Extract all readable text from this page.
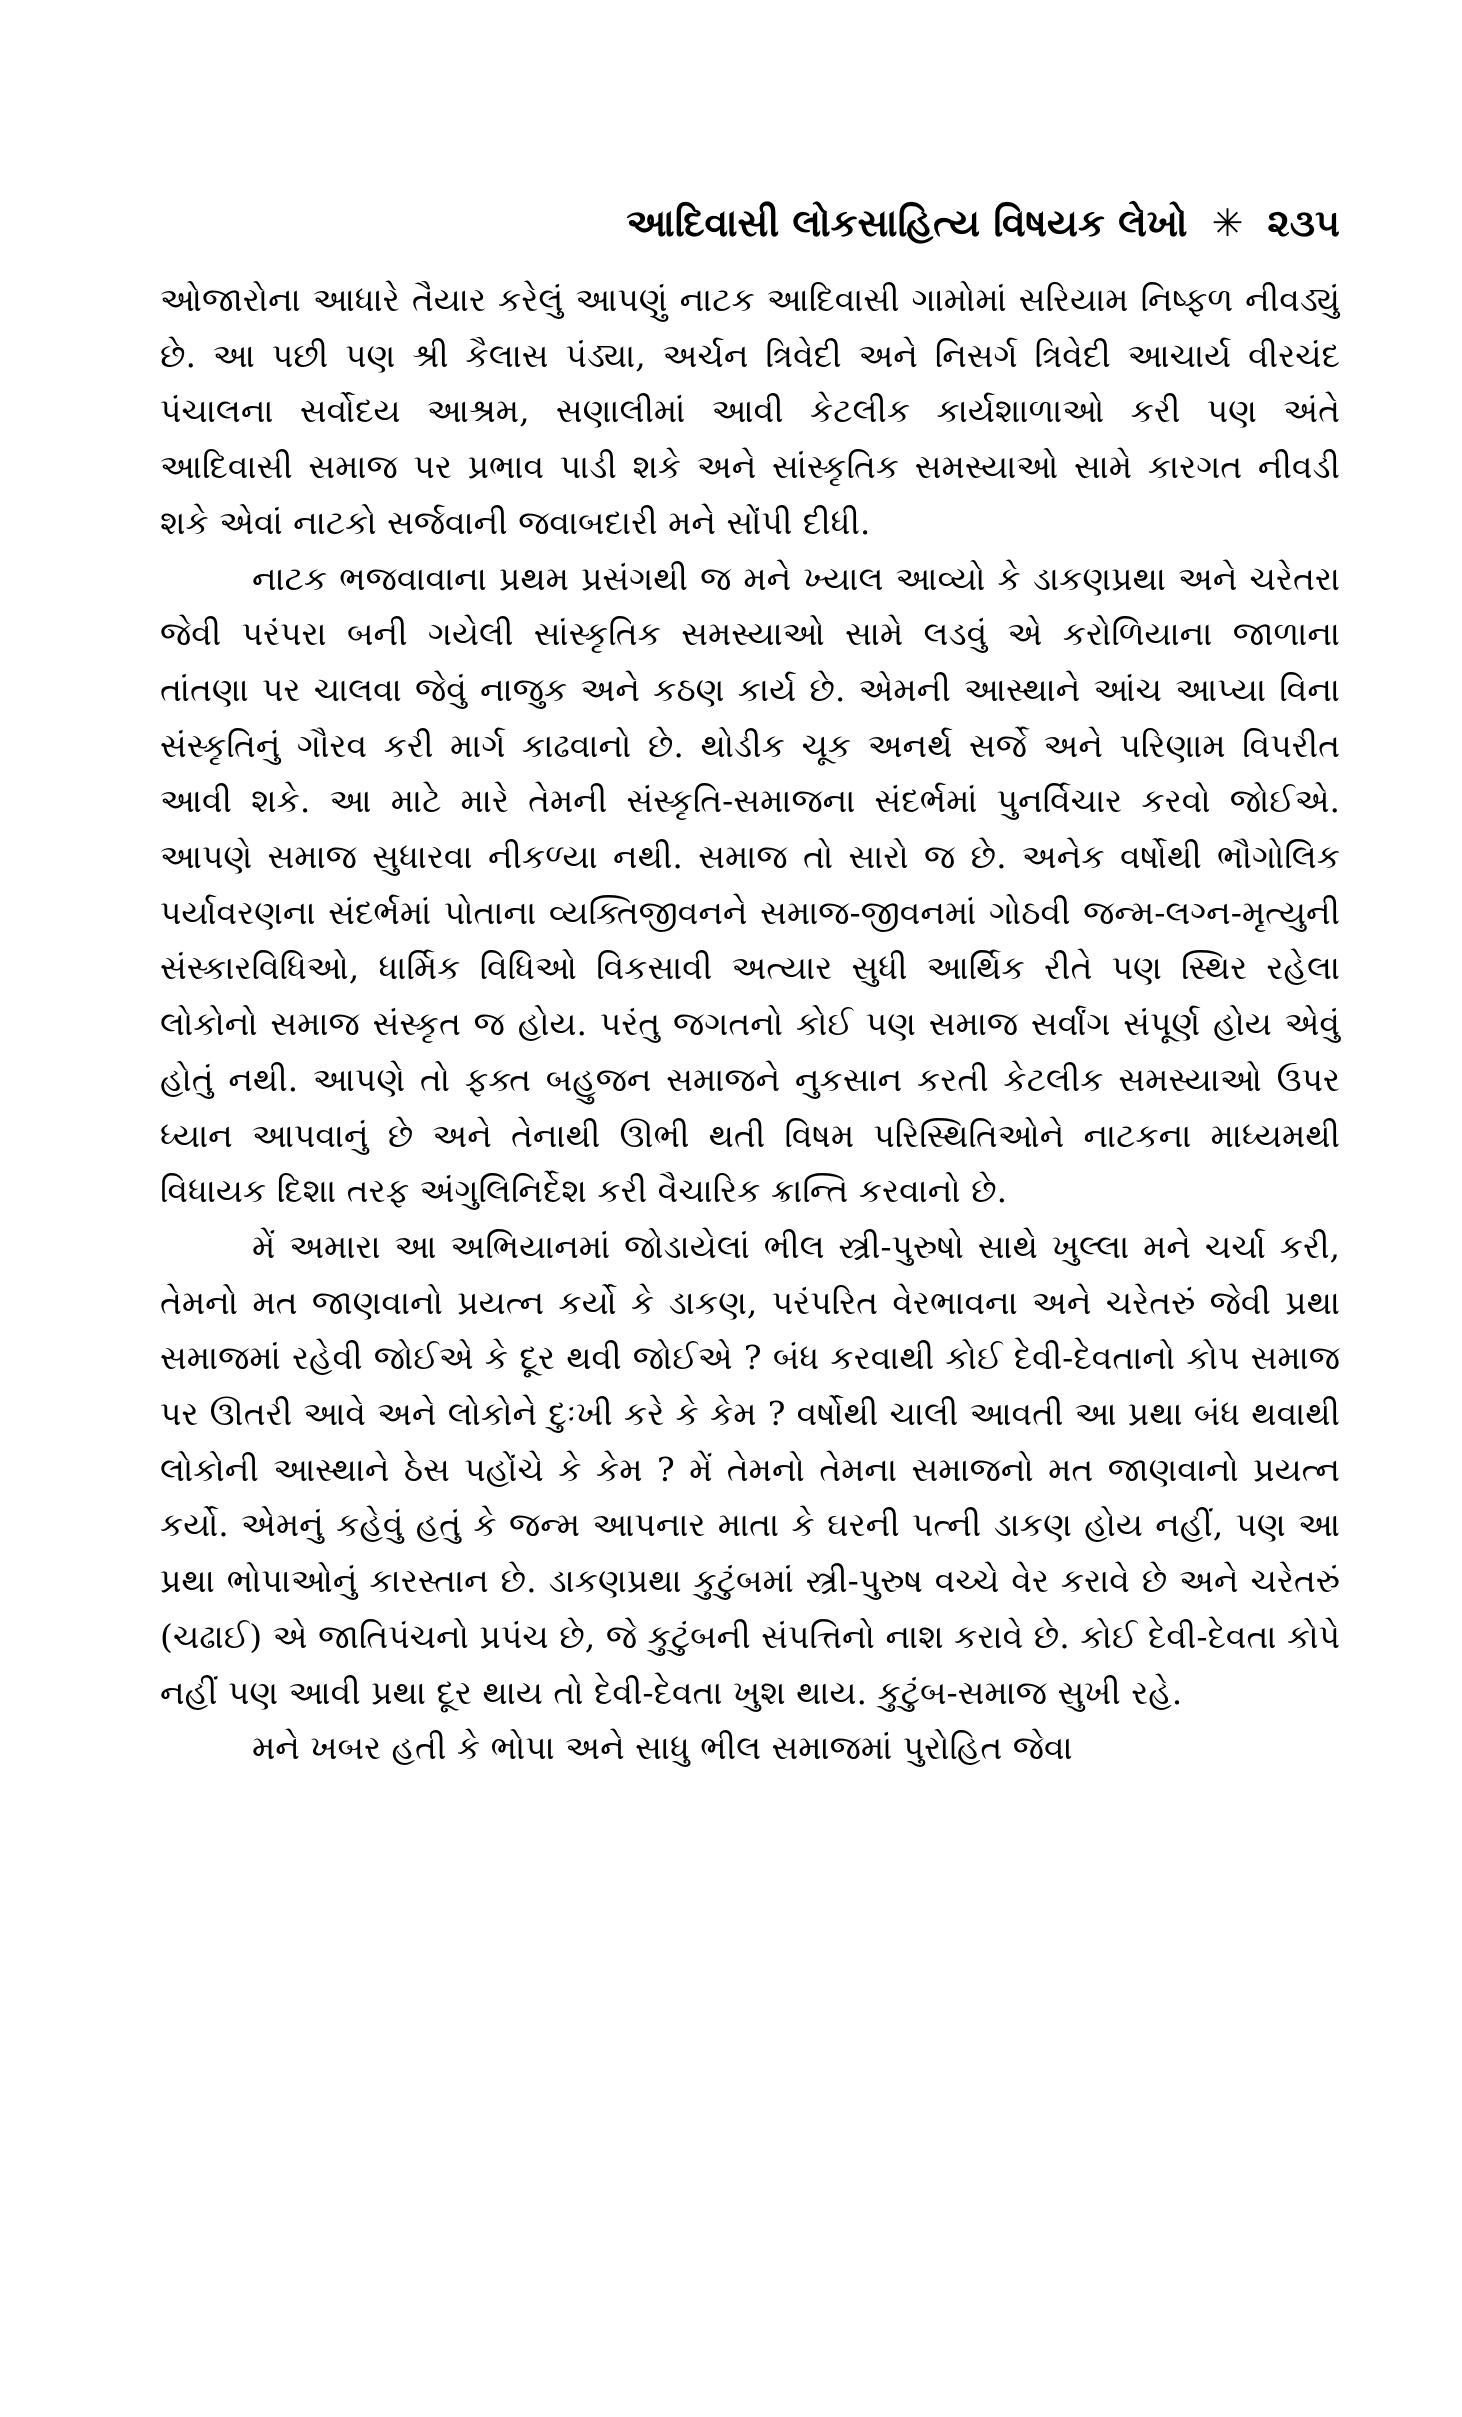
આદિવાસી લોકસાહિત્ય વિષયક લેખો ✳ ૨૩૫

ઓજારોના આધારે તૈયાર કરેલું આપણું નાટક આદિવાસી ગામોમાં સરિયામ નિષ્ફળ નીવડ્યું છે. આ પછી પણ શ્રી કૈલાસ પંડ્યા, અર્ચન ત્રિવેદી અને નિસર્ગ ત્રિવેદી આચાર્ય વીરચંદ પંચાલના સર્વોદય આશ્રમ, સણાલીમાં આવી કેટલીક કાર્યશાળાઓ કરી પણ અંતે આદિવાસી સમાજ પર પ્રભાવ પાડી શકે અને સાંસ્કૃતિક સમસ્યાઓ સામે કારગત નીવડી શકે એવાં નાટકો સર્જવાની જવાબદારી મને સોંપી દીધી.

નાટક ભજવાવાના પ્રથમ પ્રસંગથી જ મને ખ્યાલ આવ્યો કે ડાકણપ્રથા અને ચરેતરા જેવી પરંપરા બની ગયેલી સાંસ્કૃતિક સમસ્યાઓ સામે લડવું એ કરોળિયાના જાળાના તાંતણા પર ચાલવા જેવું નાજુક અને કઠણ કાર્ય છે. એમની આસ્થાને આંચ આપ્યા વિના સંસ્કૃતિનું ગૌરવ કરી માર્ગ કાઢવાનો છે. થોડીક ચૂક અનર્થ સર્જે અને પરિણામ વિપરીત આવી શકે. આ માટે મારે તેમની સંસ્કૃતિ-સમાજના સંદર્ભમાં પુનર્વિચાર કરવો જોઈએ. આપણે સમાજ સુધારવા નીકળ્યા નથી. સમાજ તો સારો જ છે. અનેક વર્ષોથી ભૌગોલિક પર્યાવરણના સંદર્ભમાં પોતાના વ્યક્તિજીવનને સમાજ-જીવનમાં ગોઠવી જન્મ-લગ્ન-મૃત્યુની સંસ્કારવિધિઓ, ધાર્મિક વિધિઓ વિકસાવી અત્યાર સુધી આર્થિક રીતે પણ સ્થિર રહેલા લોકોનો સમાજ સંસ્કૃત જ હોય. પરંતુ જગતનો કોઈ પણ સમાજ સર્વાંગ સંપૂર્ણ હોય એવું હોતું નથી. આપણે તો ફક્ત બહુજન સમાજને નુકસાન કરતી કેટલીક સમસ્યાઓ ઉપર ધ્યાન આપવાનું છે અને તેનાથી ઊભી થતી વિષમ પરિસ્થિતિઓને નાટકના માધ્યમથી વિધાયક દિશા તરફ અંગુલિનિર્દેશ કરી વૈચારિક ક્રાન્તિ કરવાનો છે.

મેં અમારા આ અભિયાનમાં જોડાયેલાં ભીલ સ્ત્રી-પુરુષો સાથે ખુલ્લા મને ચર્ચા કરી, તેમનો મત જાણવાનો પ્રયત્ન કર્યો કે ડાકણ, પરંપરિત વેરભાવના અને ચરેતરું જેવી પ્રથા સમાજમાં રહેવી જોઈએ કે દૂર થવી જોઈએ ? બંધ કરવાથી કોઈ દેવી-દેવતાનો કોપ સમાજ પર ઊતરી આવે અને લોકોને દુઃખી કરે કે કેમ ? વર્ષોથી ચાલી આવતી આ પ્રથા બંધ થવાથી લોકોની આસ્થાને ઠેસ પહોંચે કે કેમ ? મેં તેમનો તેમના સમાજનો મત જાણવાનો પ્રયત્ન કર્યો. એમનું કહેવું હતું કે જન્મ આપનાર માતા કે ઘરની પત્ની ડાકણ હોય નહીં, પણ આ પ્રથા ભોપાઓનું કારસ્તાન છે. ડાકણપ્રથા કુટુંબમાં સ્ત્રી-પુરુષ વચ્ચે વેર કરાવે છે અને ચરેતરું (ચઢાઈ) એ જાતિપંચનો પ્રપંચ છે, જે કુટુંબની સંપત્તિનો નાશ કરાવે છે. કોઈ દેવી-દેવતા કોપે નહીં પણ આવી પ્રથા દૂર થાય તો દેવી-દેવતા ખુશ થાય. કુટુંબ-સમાજ સુખી રહે.

મને ખબર હતી કે ભોપા અને સાધુ ભીલ સમાજમાં પુરોહિત જેવા
